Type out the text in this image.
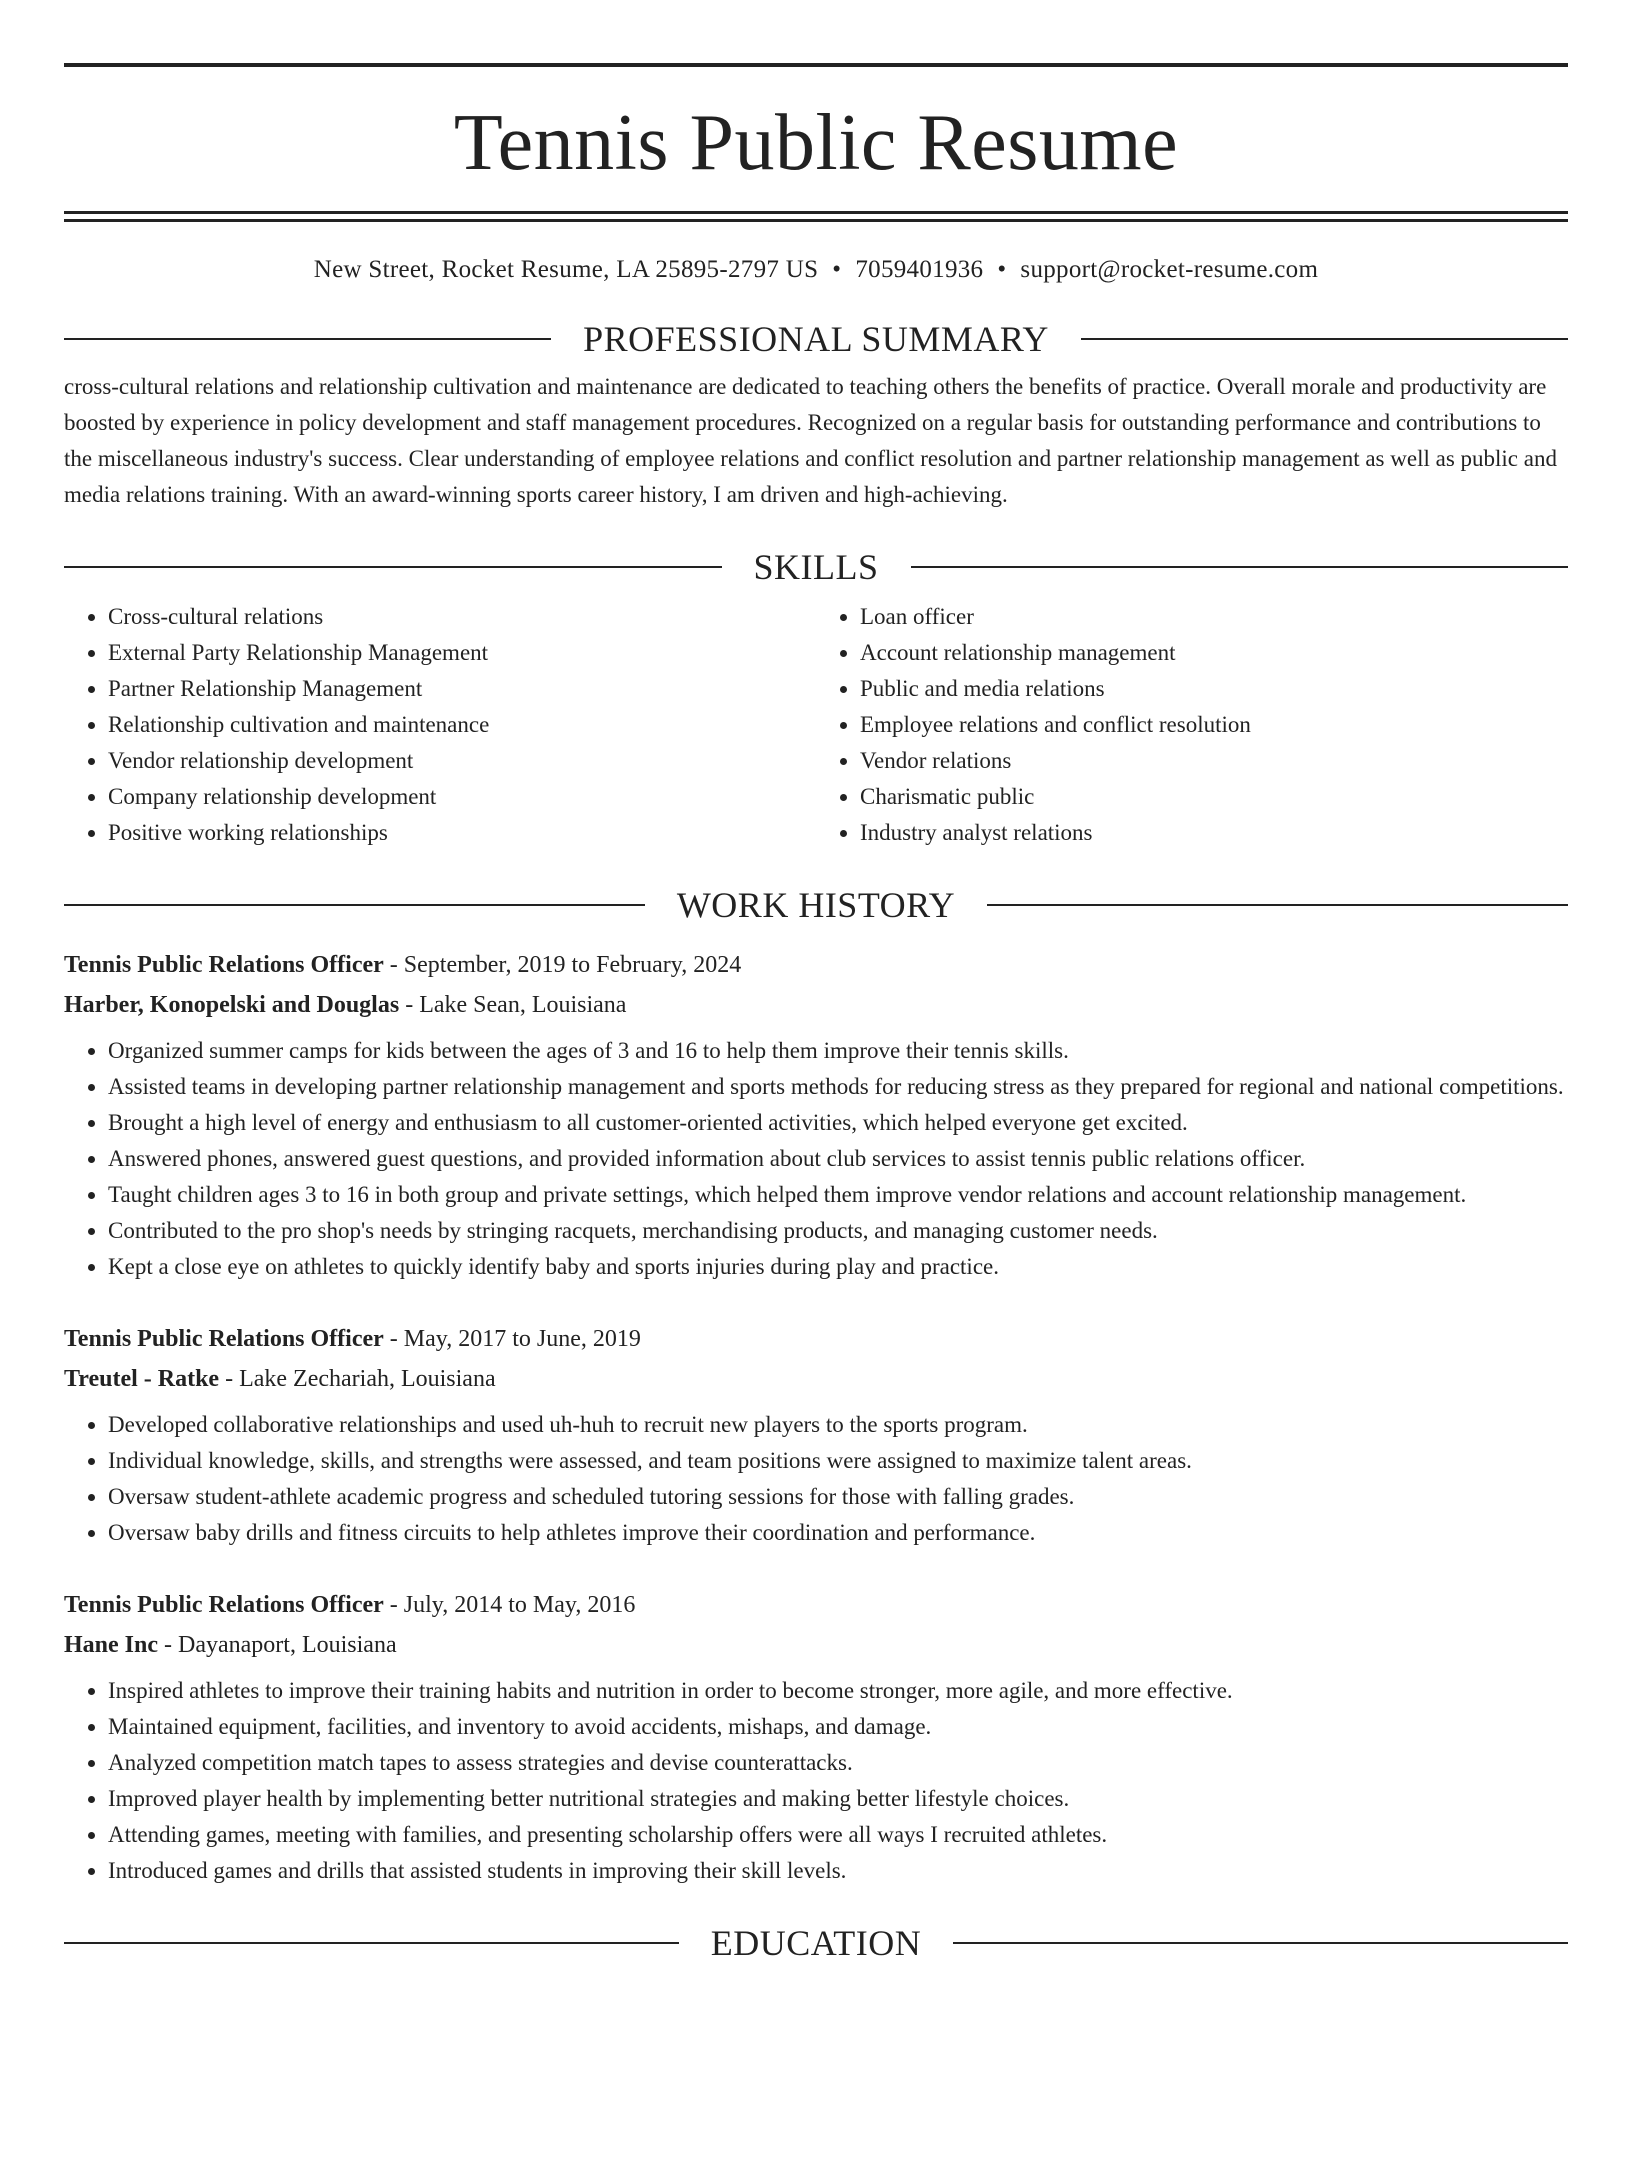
Tennis Public Resume
New Street, Rocket Resume, LA 25895-2797 US • 7059401936 • support@rocket-resume.com
PROFESSIONAL SUMMARY
cross-cultural relations and relationship cultivation and maintenance are dedicated to teaching others the benefits of practice. Overall morale and productivity are boosted by experience in policy development and staff management procedures. Recognized on a regular basis for outstanding performance and contributions to the miscellaneous industry's success. Clear understanding of employee relations and conflict resolution and partner relationship management as well as public and media relations training. With an award-winning sports career history, I am driven and high-achieving.
SKILLS
• Cross-cultural relations
• External Party Relationship Management
• Partner Relationship Management
• Relationship cultivation and maintenance
• Vendor relationship development
• Company relationship development
• Positive working relationships
• Loan officer
• Account relationship management
• Public and media relations
• Employee relations and conflict resolution
• Vendor relations
• Charismatic public
• Industry analyst relations
WORK HISTORY
Tennis Public Relations Officer - September, 2019 to February, 2024
Harber, Konopelski and Douglas - Lake Sean, Louisiana
• Organized summer camps for kids between the ages of 3 and 16 to help them improve their tennis skills.
• Assisted teams in developing partner relationship management and sports methods for reducing stress as they prepared for regional and national competitions.
• Brought a high level of energy and enthusiasm to all customer-oriented activities, which helped everyone get excited.
• Answered phones, answered guest questions, and provided information about club services to assist tennis public relations officer.
• Taught children ages 3 to 16 in both group and private settings, which helped them improve vendor relations and account relationship management.
• Contributed to the pro shop's needs by stringing racquets, merchandising products, and managing customer needs.
• Kept a close eye on athletes to quickly identify baby and sports injuries during play and practice.
Tennis Public Relations Officer - May, 2017 to June, 2019
Treutel - Ratke - Lake Zechariah, Louisiana
• Developed collaborative relationships and used uh-huh to recruit new players to the sports program.
• Individual knowledge, skills, and strengths were assessed, and team positions were assigned to maximize talent areas.
• Oversaw student-athlete academic progress and scheduled tutoring sessions for those with falling grades.
• Oversaw baby drills and fitness circuits to help athletes improve their coordination and performance.
Tennis Public Relations Officer - July, 2014 to May, 2016
Hane Inc - Dayanaport, Louisiana
• Inspired athletes to improve their training habits and nutrition in order to become stronger, more agile, and more effective.
• Maintained equipment, facilities, and inventory to avoid accidents, mishaps, and damage.
• Analyzed competition match tapes to assess strategies and devise counterattacks.
• Improved player health by implementing better nutritional strategies and making better lifestyle choices.
• Attending games, meeting with families, and presenting scholarship offers were all ways I recruited athletes.
• Introduced games and drills that assisted students in improving their skill levels.
EDUCATION
